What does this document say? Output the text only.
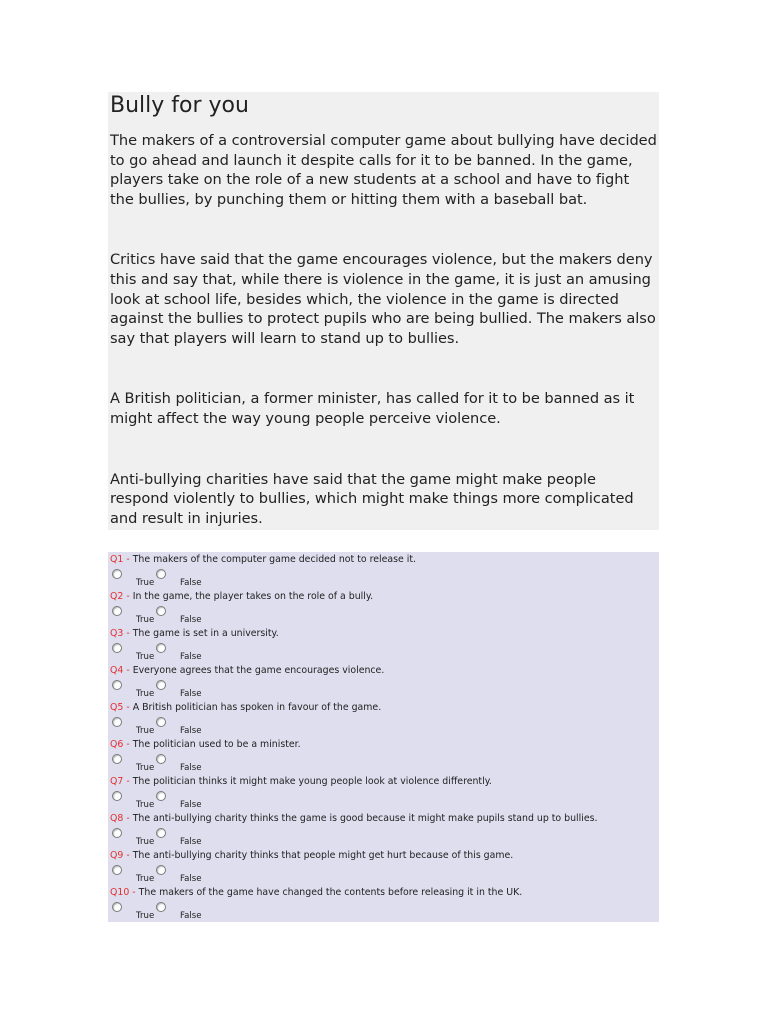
Bully for you

The makers of a controversial computer game about bullying have decided to go ahead and launch it despite calls for it to be banned. In the game, players take on the role of a new students at a school and have to fight the bullies, by punching them or hitting them with a baseball bat.

Critics have said that the game encourages violence, but the makers deny this and say that, while there is violence in the game, it is just an amusing look at school life, besides which, the violence in the game is directed against the bullies to protect pupils who are being bullied. The makers also say that players will learn to stand up to bullies.

A British politician, a former minister, has called for it to be banned as it might affect the way young people perceive violence.

Anti-bullying charities have said that the game might make people respond violently to bullies, which might make things more complicated and result in injuries.

Q1 - The makers of the computer game decided not to release it.
True	False
Q2 - In the game, the player takes on the role of a bully.
True	False
Q3 - The game is set in a university.
True	False
Q4 - Everyone agrees that the game encourages violence.
True	False
Q5 - A British politician has spoken in favour of the game.
True	False
Q6 - The politician used to be a minister.
True	False
Q7 - The politician thinks it might make young people look at violence differently.
True	False
Q8 - The anti-bullying charity thinks the game is good because it might make pupils stand up to bullies.
True	False
Q9 - The anti-bullying charity thinks that people might get hurt because of this game.
True	False
Q10 - The makers of the game have changed the contents before releasing it in the UK.
True	False
